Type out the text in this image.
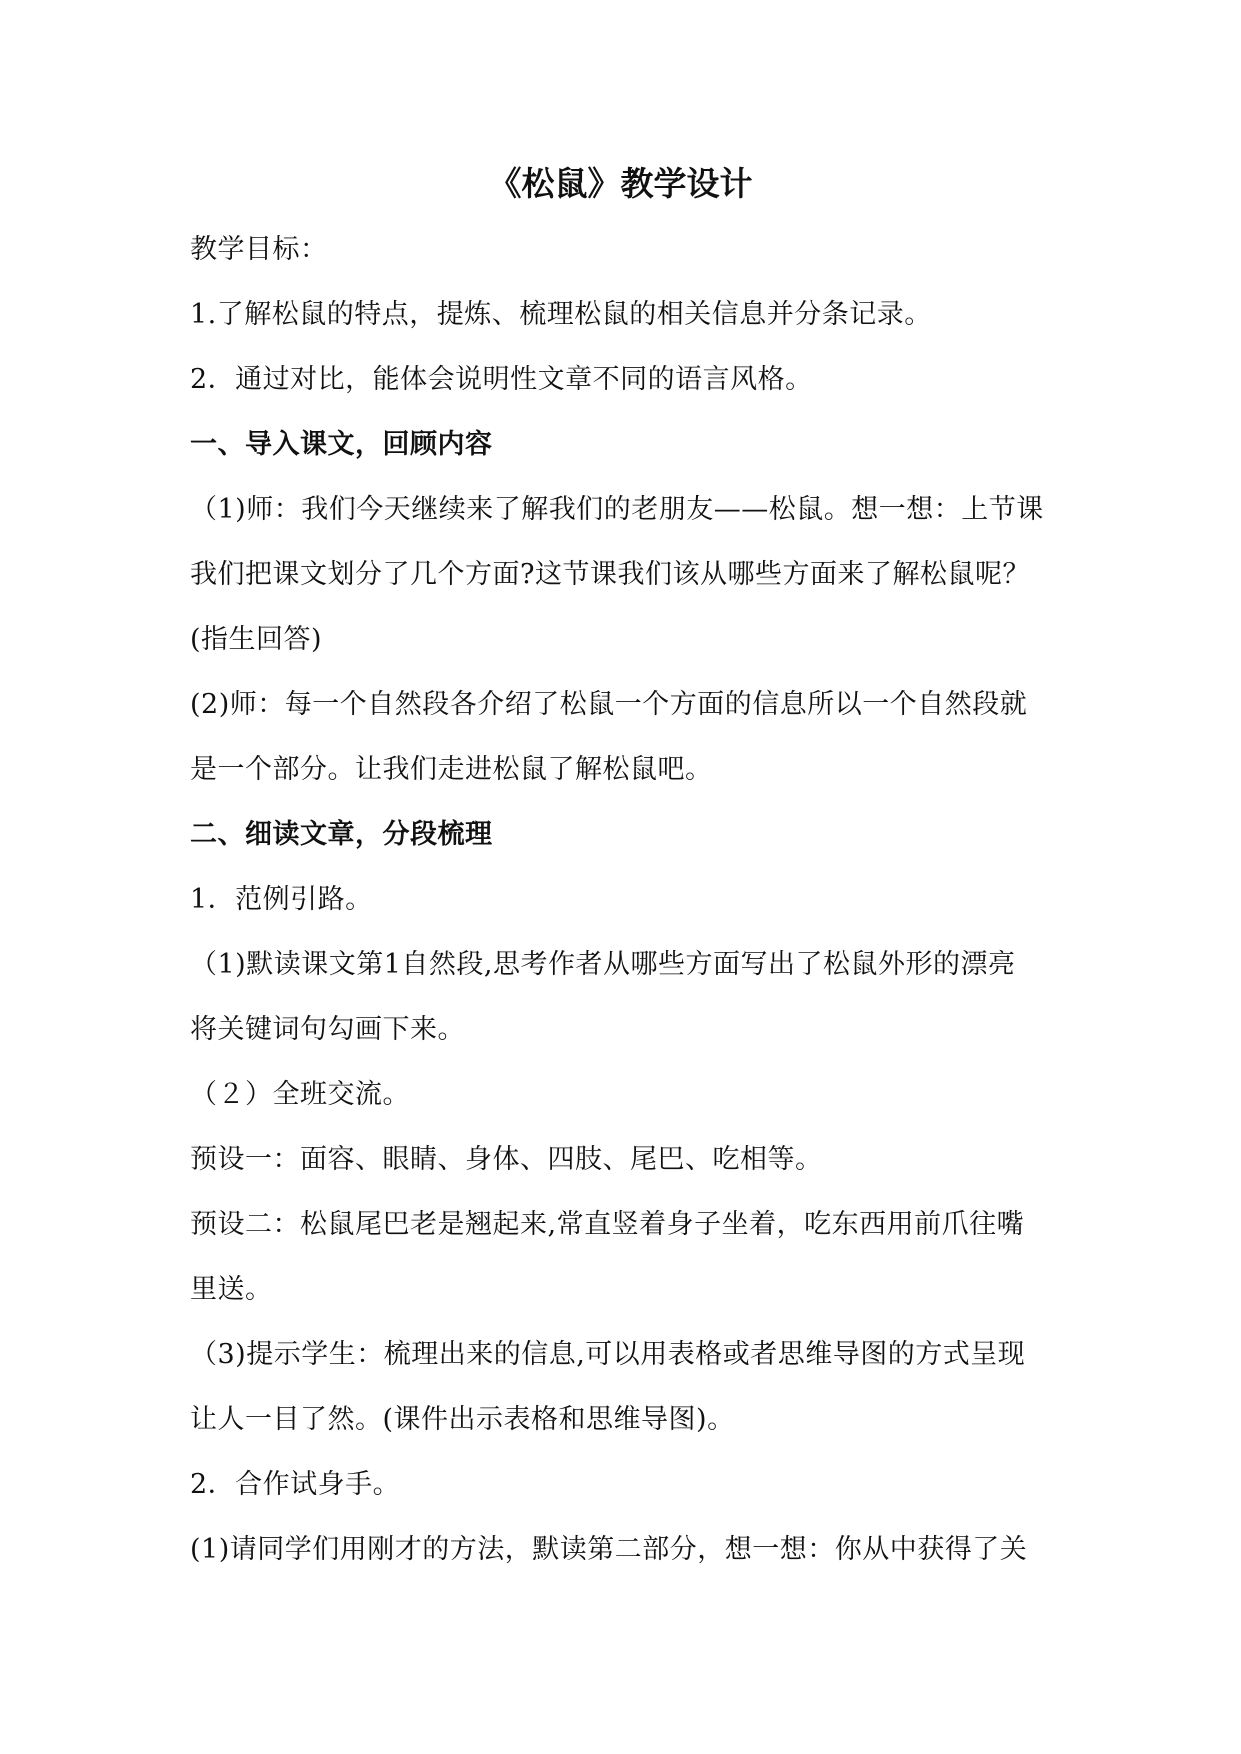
《松鼠》教学设计
教学目标：
1.了解松鼠的特点，提炼、梳理松鼠的相关信息并分条记录。
2．通过对比，能体会说明性文章不同的语言风格。
一、导入课文，回顾内容
（1)师：我们今天继续来了解我们的老朋友——松鼠。想一想：上节课
我们把课文划分了几个方面?这节课我们该从哪些方面来了解松鼠呢？
(指生回答)
(2)师：每一个自然段各介绍了松鼠一个方面的信息所以一个自然段就
是一个部分。让我们走进松鼠了解松鼠吧。
二、细读文章，分段梳理
1．范例引路。
（1)默读课文第1自然段,思考作者从哪些方面写出了松鼠外形的漂亮
将关键词句勾画下来。
（２）全班交流。
预设一：面容、眼睛、身体、四肢、尾巴、吃相等。
预设二：松鼠尾巴老是翘起来,常直竖着身子坐着，吃东西用前爪往嘴
里送。
（3)提示学生：梳理出来的信息,可以用表格或者思维导图的方式呈现
让人一目了然。(课件出示表格和思维导图)。
2．合作试身手。
(1)请同学们用刚才的方法，默读第二部分，想一想：你从中获得了关
